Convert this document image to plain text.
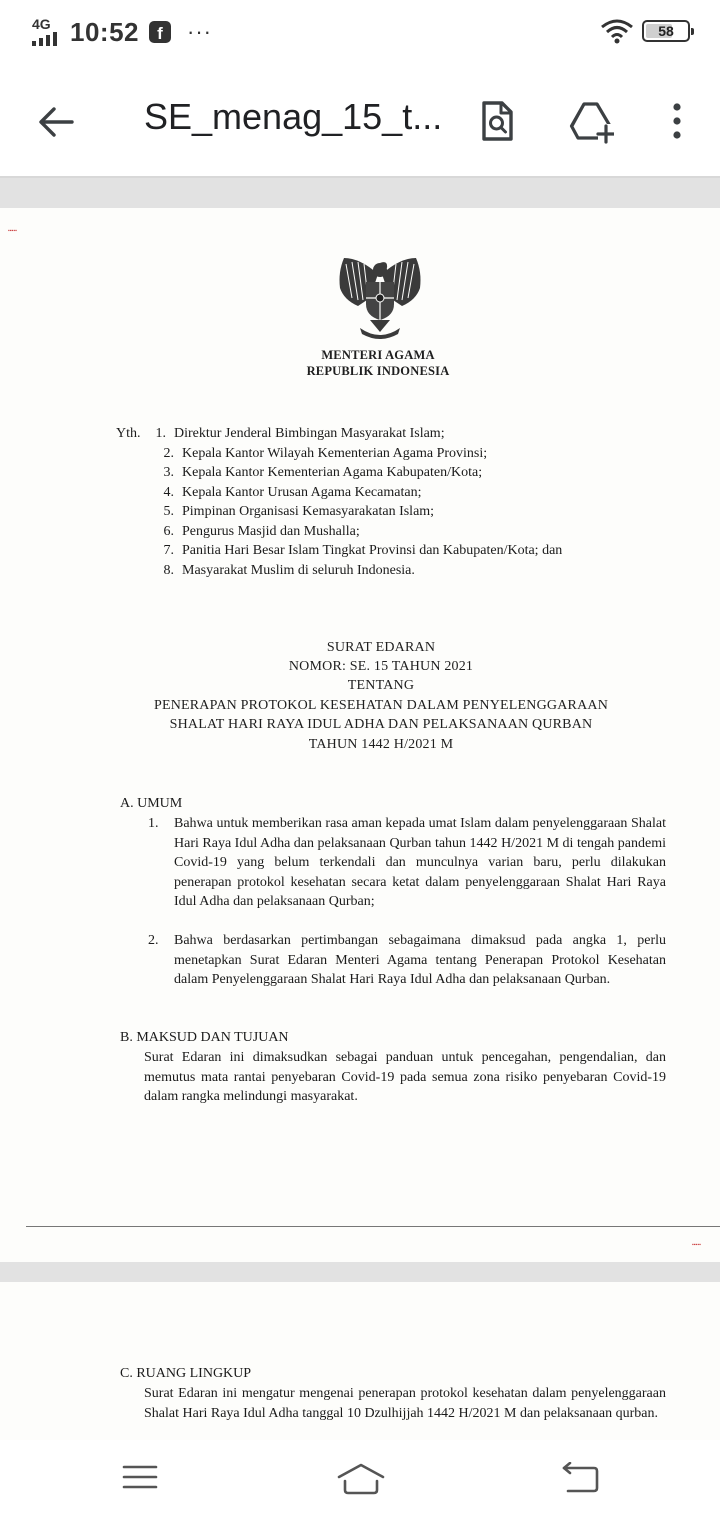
4G 10:52	f	···	58
SE_menag_15_t...
▪▪▪▪▪
MENTERI AGAMA
REPUBLIK INDONESIA
Yth.	1. Direktur Jenderal Bimbingan Masyarakat Islam;
2. Kepala Kantor Wilayah Kementerian Agama Provinsi;
3. Kepala Kantor Kementerian Agama Kabupaten/Kota;
4. Kepala Kantor Urusan Agama Kecamatan;
5. Pimpinan Organisasi Kemasyarakatan Islam;
6. Pengurus Masjid dan Mushalla;
7. Panitia Hari Besar Islam Tingkat Provinsi dan Kabupaten/Kota; dan
8. Masyarakat Muslim di seluruh Indonesia.
SURAT EDARAN
NOMOR: SE. 15 TAHUN 2021
TENTANG
PENERAPAN PROTOKOL KESEHATAN DALAM PENYELENGGARAAN
SHALAT HARI RAYA IDUL ADHA DAN PELAKSANAAN QURBAN
TAHUN 1442 H/2021 M
A. UMUM
1.	Bahwa untuk memberikan rasa aman kepada umat Islam dalam penyelenggaraan Shalat Hari Raya Idul Adha dan pelaksanaan Qurban tahun 1442 H/2021 M di tengah pandemi Covid-19 yang belum terkendali dan munculnya varian baru, perlu dilakukan penerapan protokol kesehatan secara ketat dalam penyelenggaraan Shalat Hari Raya Idul Adha dan pelaksanaan Qurban;
2.	Bahwa berdasarkan pertimbangan sebagaimana dimaksud pada angka 1, perlu menetapkan Surat Edaran Menteri Agama tentang Penerapan Protokol Kesehatan dalam Penyelenggaraan Shalat Hari Raya Idul Adha dan pelaksanaan Qurban.
B. MAKSUD DAN TUJUAN
Surat Edaran ini dimaksudkan sebagai panduan untuk pencegahan, pengendalian, dan memutus mata rantai penyebaran Covid-19 pada semua zona risiko penyebaran Covid-19 dalam rangka melindungi masyarakat.
▪▪▪▪▪
C. RUANG LINGKUP
Surat Edaran ini mengatur mengenai penerapan protokol kesehatan dalam penyelenggaraan Shalat Hari Raya Idul Adha tanggal 10 Dzulhijjah 1442 H/2021 M dan pelaksanaan qurban.
